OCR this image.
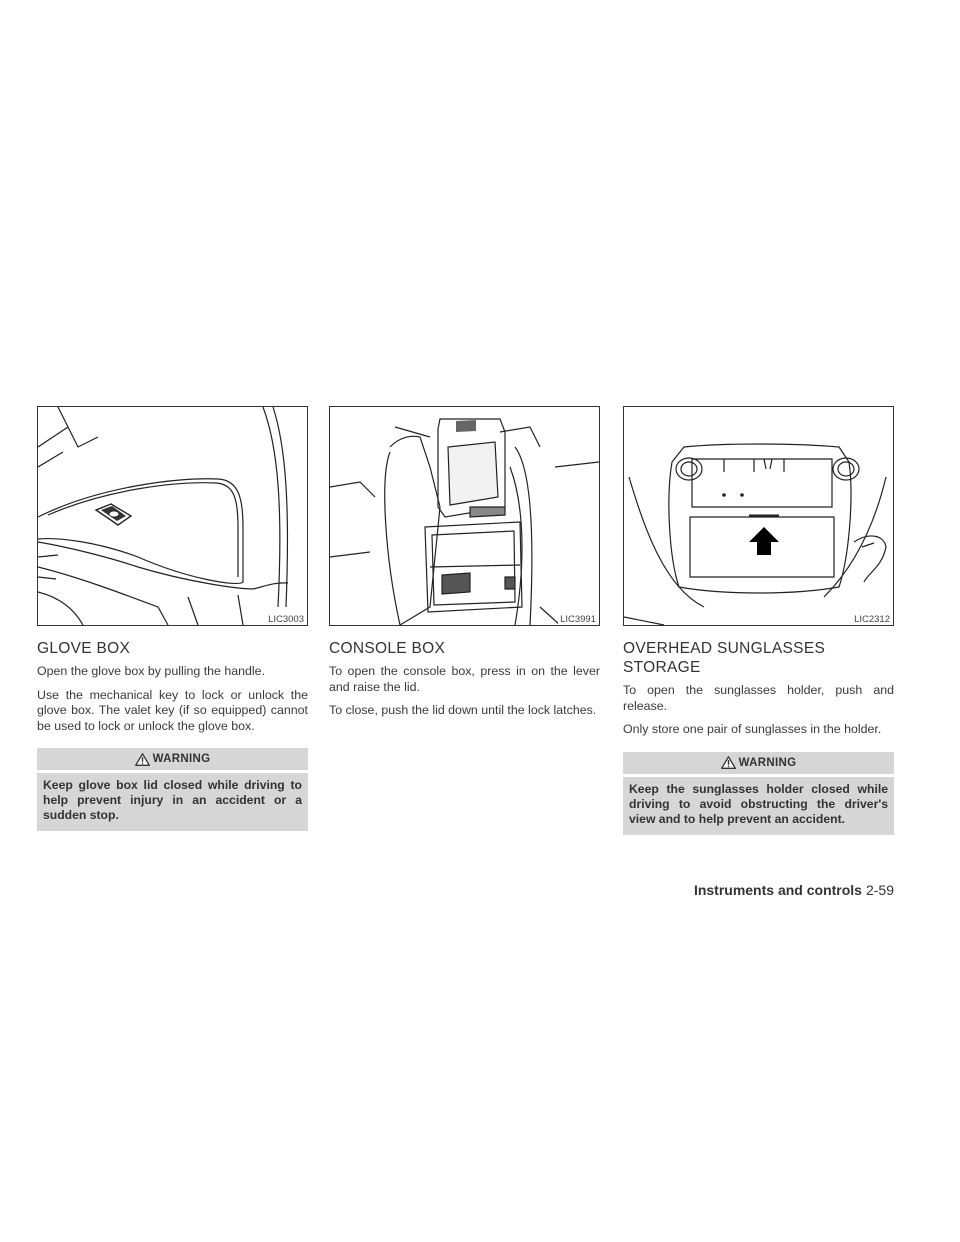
LIC3003
GLOVE BOX

Open the glove box by pulling the handle.

Use the mechanical key to lock or unlock the glove box. The valet key (if so equipped) cannot be used to lock or unlock the glove box.

WARNING
Keep glove box lid closed while driving to help prevent injury in an accident or a sudden stop.
LIC3991
CONSOLE BOX

To open the console box, press in on the lever and raise the lid.

To close, push the lid down until the lock latches.

LIC2312
OVERHEAD SUNGLASSES STORAGE

To open the sunglasses holder, push and release.

Only store one pair of sunglasses in the holder.

WARNING
Keep the sunglasses holder closed while driving to avoid obstructing the driver's view and to help prevent an accident.
Instruments and controls 2-59
